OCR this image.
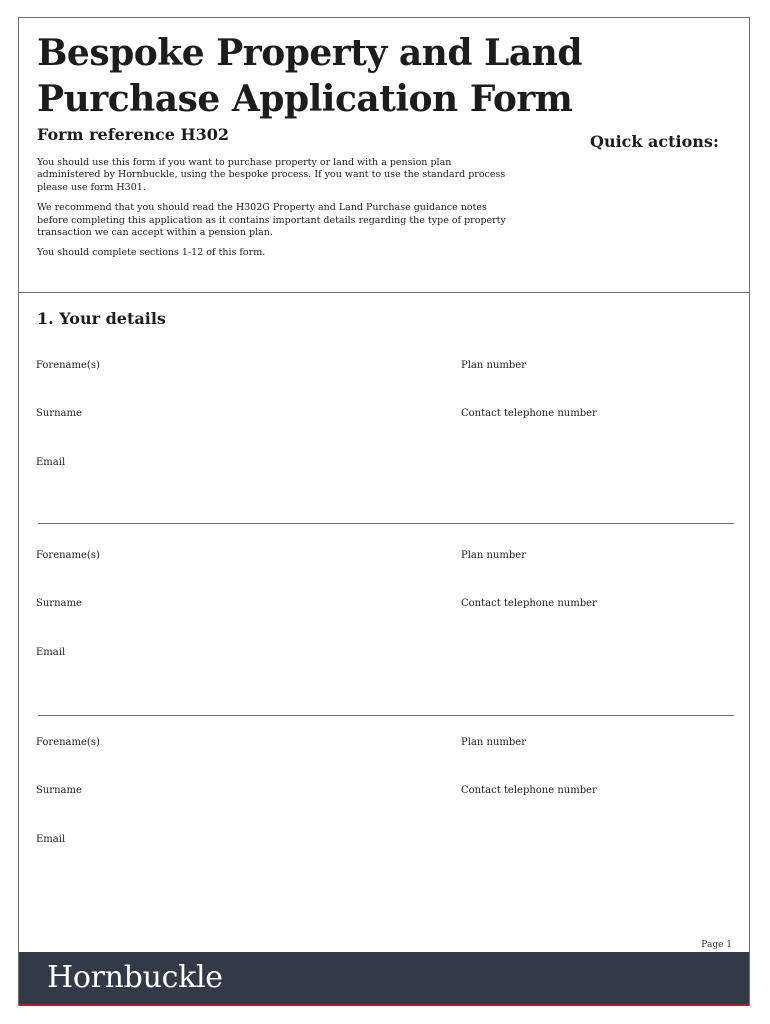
Bespoke Property and Land Purchase Application Form
Form reference H302	Quick actions:

You should use this form if you want to purchase property or land with a pension plan administered by Hornbuckle, using the bespoke process. If you want to use the standard process please use form H301.

We recommend that you should read the H302G Property and Land Purchase guidance notes before completing this application as it contains important details regarding the type of property transaction we can accept within a pension plan.

You should complete sections 1-12 of this form.

1. Your details
Forename(s)	Plan number
Surname	Contact telephone number
Email
Forename(s)	Plan number
Surname	Contact telephone number
Email
Forename(s)	Plan number
Surname	Contact telephone number
Email
Page 1
Hornbuckle
